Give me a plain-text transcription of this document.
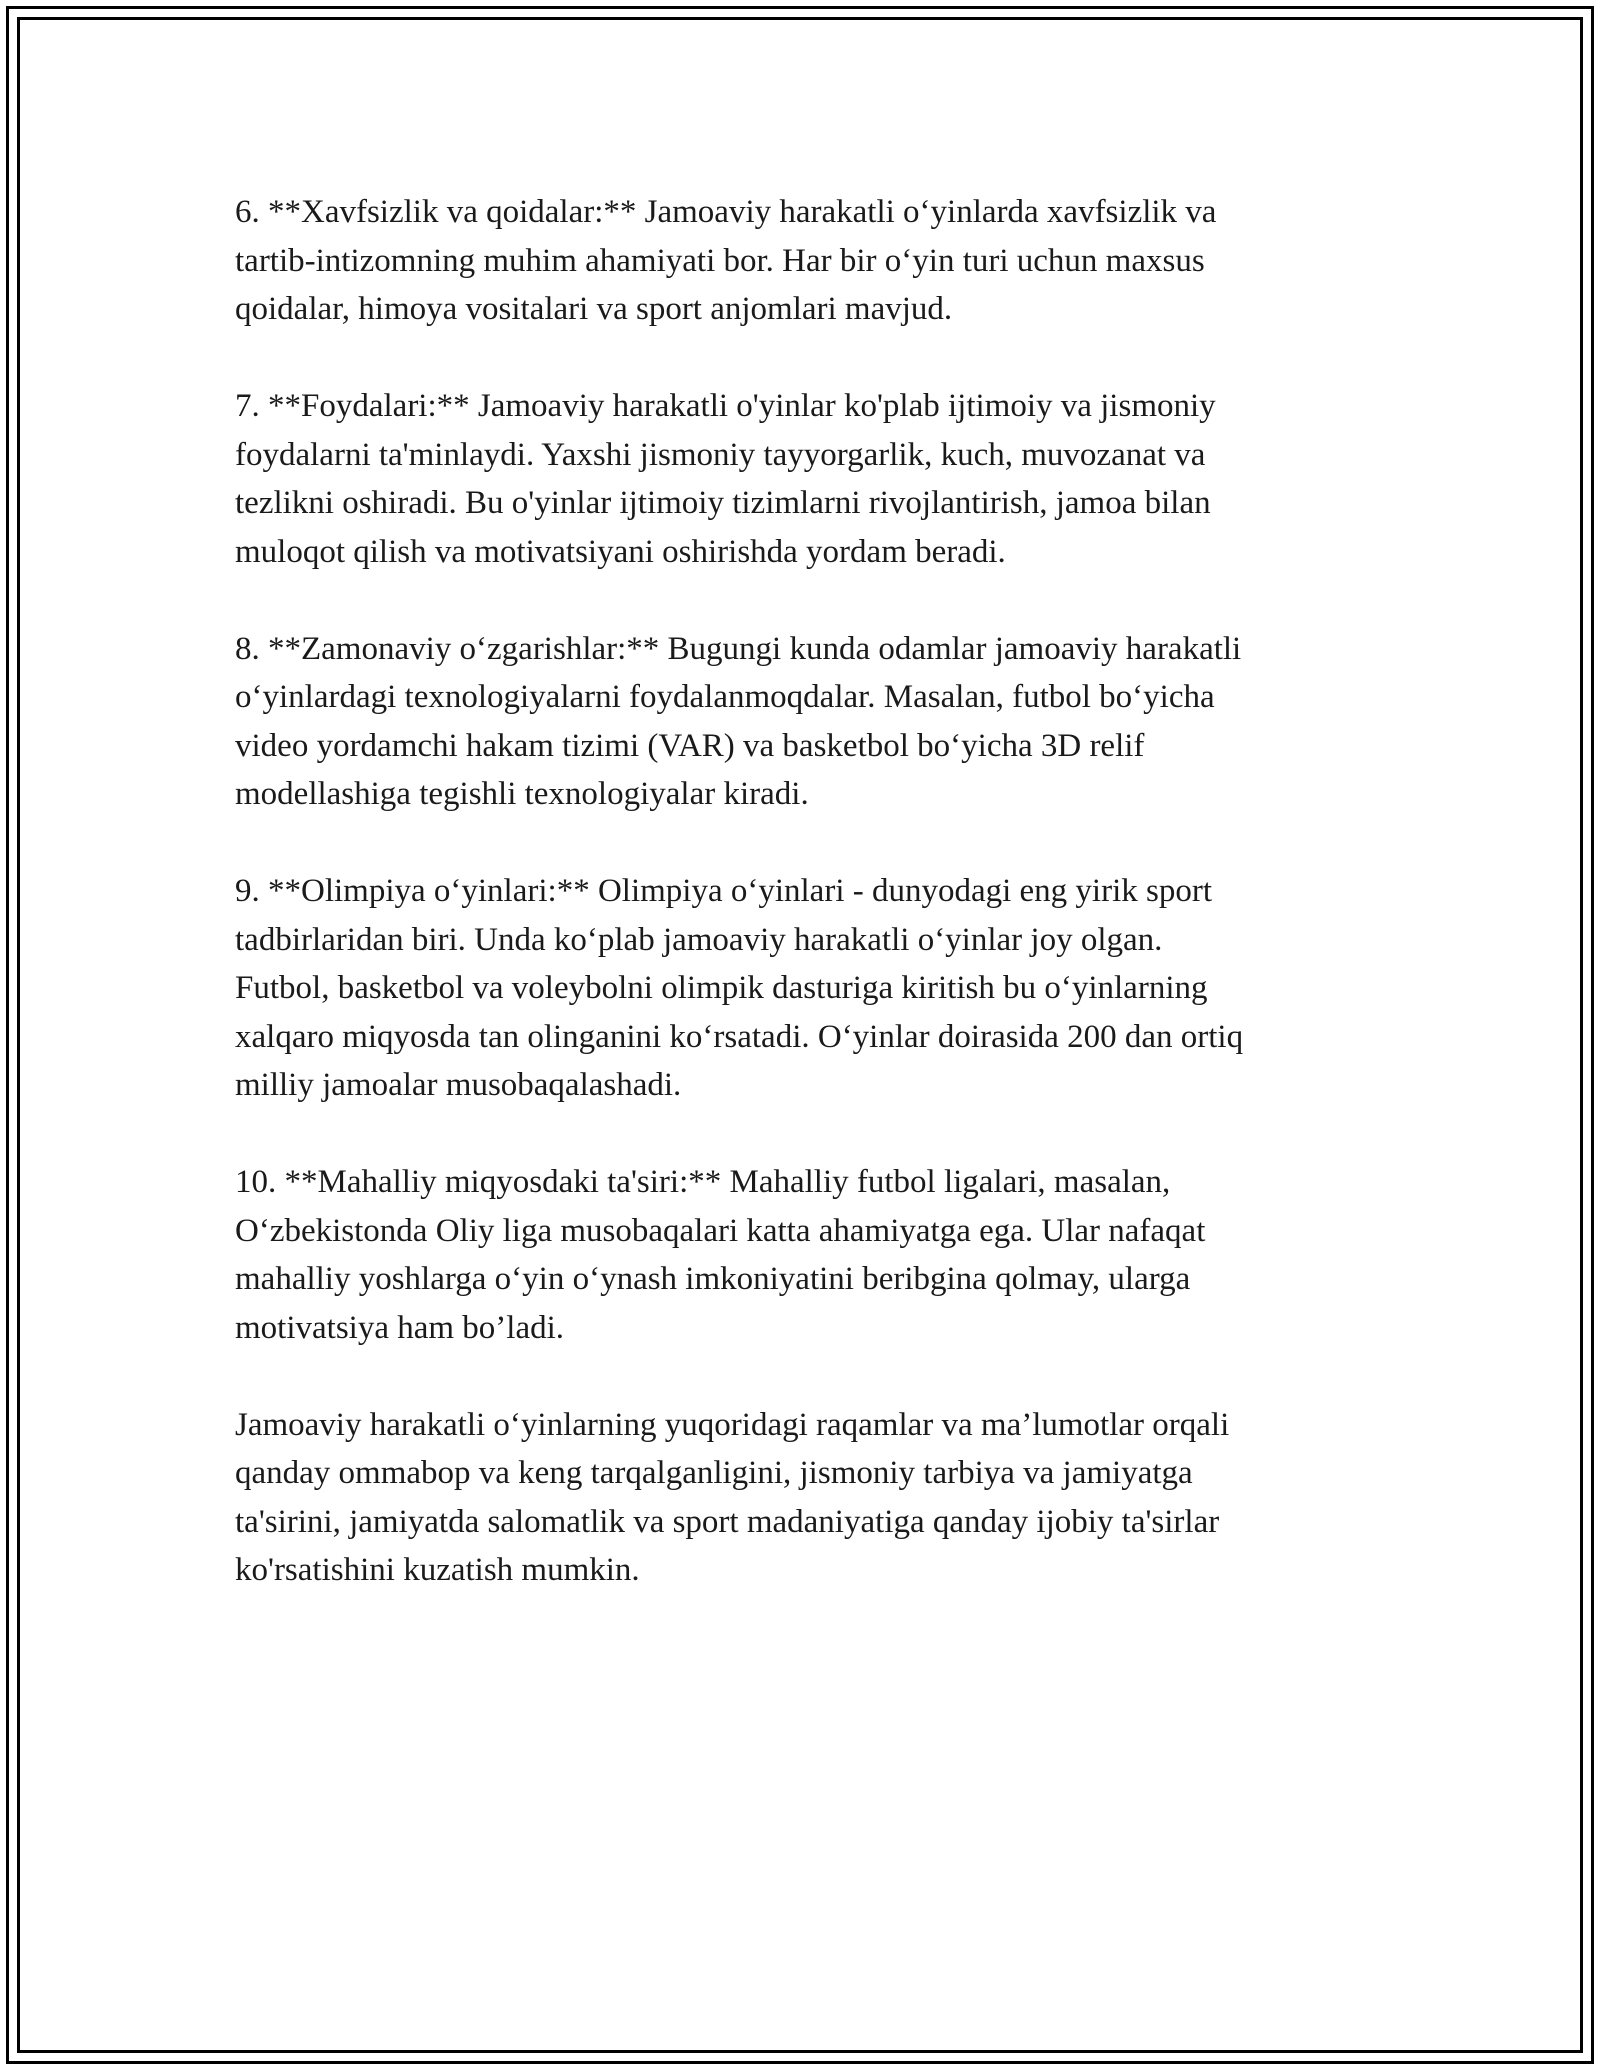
6. **Xavfsizlik va qoidalar:** Jamoaviy harakatli o‘yinlarda xavfsizlik va
tartib-intizomning muhim ahamiyati bor. Har bir o‘yin turi uchun maxsus
qoidalar, himoya vositalari va sport anjomlari mavjud.

7. **Foydalari:** Jamoaviy harakatli o'yinlar ko'plab ijtimoiy va jismoniy
foydalarni ta'minlaydi. Yaxshi jismoniy tayyorgarlik, kuch, muvozanat va
tezlikni oshiradi. Bu o'yinlar ijtimoiy tizimlarni rivojlantirish, jamoa bilan
muloqot qilish va motivatsiyani oshirishda yordam beradi.

8. **Zamonaviy o‘zgarishlar:** Bugungi kunda odamlar jamoaviy harakatli
o‘yinlardagi texnologiyalarni foydalanmoqdalar. Masalan, futbol bo‘yicha
video yordamchi hakam tizimi (VAR) va basketbol bo‘yicha 3D relif
modellashiga tegishli texnologiyalar kiradi.

9. **Olimpiya o‘yinlari:** Olimpiya o‘yinlari - dunyodagi eng yirik sport
tadbirlaridan biri. Unda ko‘plab jamoaviy harakatli o‘yinlar joy olgan.
Futbol, basketbol va voleybolni olimpik dasturiga kiritish bu o‘yinlarning
xalqaro miqyosda tan olinganini ko‘rsatadi. O‘yinlar doirasida 200 dan ortiq
milliy jamoalar musobaqalashadi.

10. **Mahalliy miqyosdaki ta'siri:** Mahalliy futbol ligalari, masalan,
O‘zbekistonda Oliy liga musobaqalari katta ahamiyatga ega. Ular nafaqat
mahalliy yoshlarga o‘yin o‘ynash imkoniyatini beribgina qolmay, ularga
motivatsiya ham bo’ladi.

Jamoaviy harakatli o‘yinlarning yuqoridagi raqamlar va ma’lumotlar orqali
qanday ommabop va keng tarqalganligini, jismoniy tarbiya va jamiyatga
ta'sirini, jamiyatda salomatlik va sport madaniyatiga qanday ijobiy ta'sirlar
ko'rsatishini kuzatish mumkin.
